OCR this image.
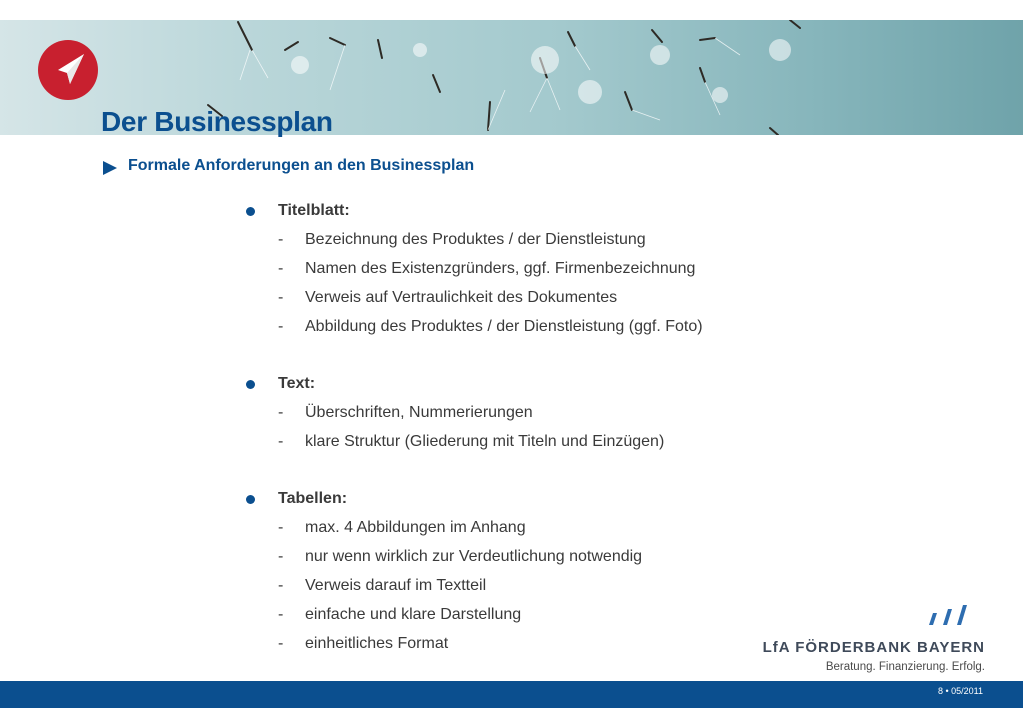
Der Businessplan
Formale Anforderungen an den Businessplan
Titelblatt:
- Bezeichnung des Produktes / der Dienstleistung
- Namen des Existenzgründers, ggf. Firmenbezeichnung
- Verweis auf Vertraulichkeit des Dokumentes
- Abbildung des Produktes / der Dienstleistung (ggf. Foto)
Text:
- Überschriften, Nummerierungen
- klare Struktur (Gliederung mit Titeln und Einzügen)
Tabellen:
- max. 4 Abbildungen im Anhang
- nur wenn wirklich zur Verdeutlichung notwendig
- Verweis darauf im Textteil
- einfache und klare Darstellung
- einheitliches Format	LfA FÖRDERBANK BAYERN
Beratung. Finanzierung. Erfolg.
8 • 05/2011
